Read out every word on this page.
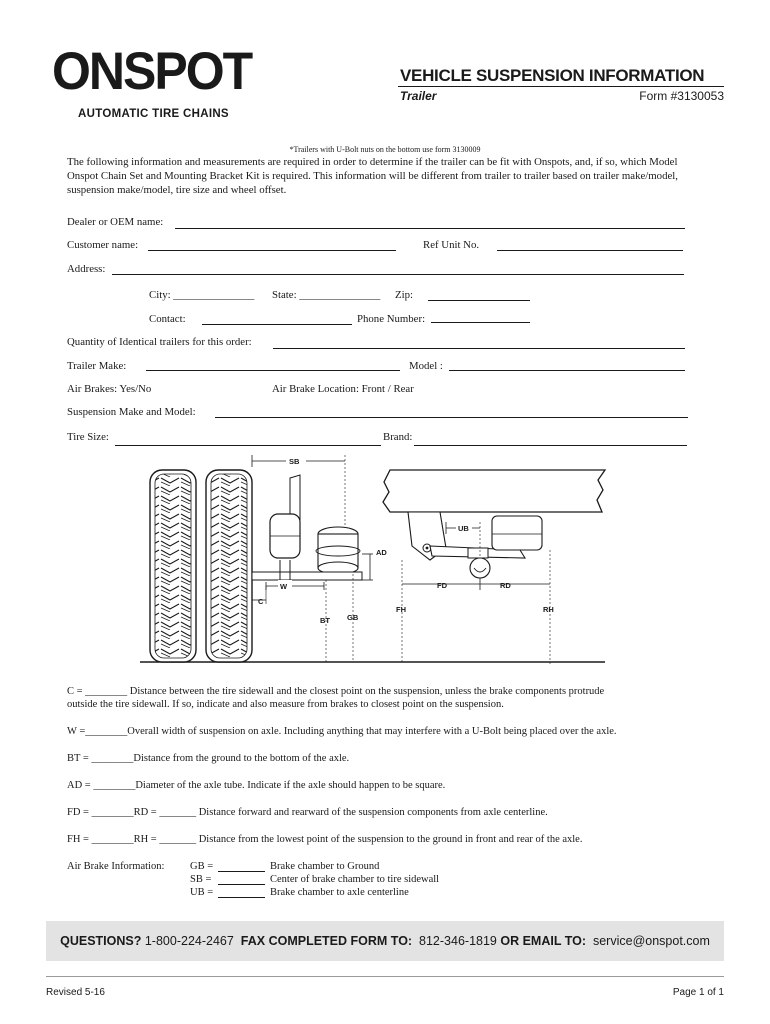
ONSPOT
AUTOMATIC TIRE CHAINS
VEHICLE SUSPENSION INFORMATION
Trailer	Form #3130053
*Trailers with U-Bolt nuts on the bottom use form 3130009
The following information and measurements are required in order to determine if the trailer can be fit with Onspots, and, if so, which Model Onspot Chain Set and Mounting Bracket Kit is required. This information will be different from trailer to trailer based on trailer make/model, suspension make/model, tire size and wheel offset.
Dealer or OEM name:
Customer name:	Ref Unit No.
Address:
City: _______________ State: _______________ Zip:
Contact:	Phone Number:
Quantity of Identical trailers for this order:
Trailer Make:	Model :
Air Brakes: Yes/No	Air Brake Location: Front / Rear
Suspension Make and Model:
Tire Size:	Brand:
SB
AD
W
C
BT GB
UB
FD	RD
FH	RH
C = ________ Distance between the tire sidewall and the closest point on the suspension, unless the brake components protrude
outside the tire sidewall. If so, indicate and also measure from brakes to closest point on the suspension.
W =________Overall width of suspension on axle. Including anything that may interfere with a U-Bolt being placed over the axle.
BT = ________Distance from the ground to the bottom of the axle.
AD = ________Diameter of the axle tube. Indicate if the axle should happen to be square.
FD = ________RD = _______ Distance forward and rearward of the suspension components from axle centerline.
FH = ________RH = _______ Distance from the lowest point of the suspension to the ground in front and rear of the axle.
Air Brake Information: GB =	Brake chamber to Ground
SB =	Center of brake chamber to tire sidewall
UB =	Brake chamber to axle centerline
QUESTIONS? 1-800-224-2467 FAX COMPLETED FORM TO: 812-346-1819 OR EMAIL TO: service@onspot.com
Revised 5-16	Page 1 of 1
